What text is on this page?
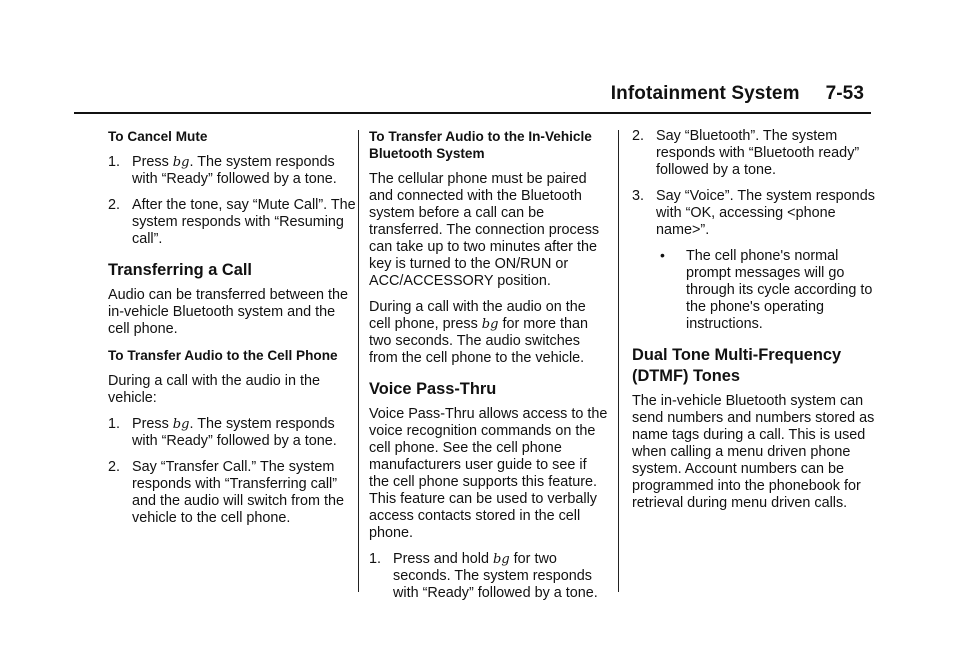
Infotainment System 7-53
To Cancel Mute
1. Press bg. The system responds with “Ready” followed by a tone.
2. After the tone, say “Mute Call”. The system responds with “Resuming call”.
Transferring a Call

Audio can be transferred between the in-vehicle Bluetooth system and the cell phone.

To Transfer Audio to the Cell Phone

During a call with the audio in the vehicle:

1. Press bg. The system responds with “Ready” followed by a tone.
2. Say “Transfer Call.” The system responds with “Transferring call” and the audio will switch from the vehicle to the cell phone.
To Transfer Audio to the In-Vehicle Bluetooth System

The cellular phone must be paired and connected with the Bluetooth system before a call can be transferred. The connection process can take up to two minutes after the key is turned to the ON/RUN or ACC/ACCESSORY position.

During a call with the audio on the cell phone, press bg for more than two seconds. The audio switches from the cell phone to the vehicle.

Voice Pass-Thru

Voice Pass-Thru allows access to the voice recognition commands on the cell phone. See the cell phone manufacturers user guide to see if the cell phone supports this feature. This feature can be used to verbally access contacts stored in the cell phone.

1. Press and hold bg for two seconds. The system responds with “Ready” followed by a tone.
2. Say “Bluetooth”. The system responds with “Bluetooth ready” followed by a tone.
3. Say “Voice”. The system responds with “OK, accessing <phone name>”.
• The cell phone's normal prompt messages will go through its cycle according to the phone's operating instructions.
Dual Tone Multi-Frequency (DTMF) Tones

The in-vehicle Bluetooth system can send numbers and numbers stored as name tags during a call. This is used when calling a menu driven phone system. Account numbers can be programmed into the phonebook for retrieval during menu driven calls.
